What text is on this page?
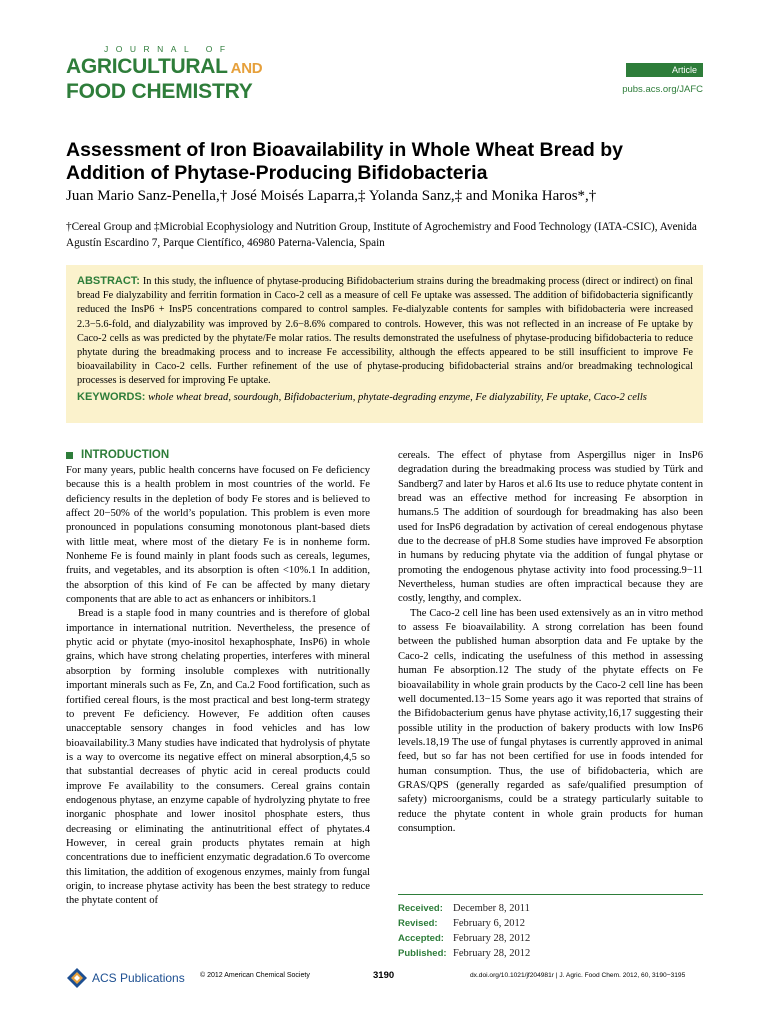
JOURNAL OF
AGRICULTURAL AND
FOOD CHEMISTRY
Article
pubs.acs.org/JAFC
Assessment of Iron Bioavailability in Whole Wheat Bread by Addition of Phytase-Producing Bifidobacteria
Juan Mario Sanz-Penella,† José Moisés Laparra,‡ Yolanda Sanz,‡ and Monika Haros*,†
†Cereal Group and ‡Microbial Ecophysiology and Nutrition Group, Institute of Agrochemistry and Food Technology (IATA-CSIC), Avenida Agustín Escardino 7, Parque Científico, 46980 Paterna-Valencia, Spain
ABSTRACT: In this study, the influence of phytase-producing Bifidobacterium strains during the breadmaking process (direct or indirect) on final bread Fe dialyzability and ferritin formation in Caco-2 cell as a measure of cell Fe uptake was assessed. The addition of bifidobacteria significantly reduced the InsP6 + InsP5 concentrations compared to control samples. Fe-dialyzable contents for samples with bifidobacteria were increased 2.3−5.6-fold, and dialyzability was improved by 2.6−8.6% compared to controls. However, this was not reflected in an increase of Fe uptake by Caco-2 cells as was predicted by the phytate/Fe molar ratios. The results demonstrated the usefulness of phytase-producing bifidobacteria to reduce phytate during the breadmaking process and to increase Fe accessibility, although the effects appeared to be still insufficient to improve Fe bioavailability in Caco-2 cells. Further refinement of the use of phytase-producing bifidobacterial strains and/or breadmaking technological processes is deserved for improving Fe uptake.
KEYWORDS: whole wheat bread, sourdough, Bifidobacterium, phytate-degrading enzyme, Fe dialyzability, Fe uptake, Caco-2 cells
INTRODUCTION

For many years, public health concerns have focused on Fe deficiency because this is a health problem in most countries of the world. Fe deficiency results in the depletion of body Fe stores and is believed to affect 20−50% of the world’s population. This problem is even more pronounced in populations consuming monotonous plant-based diets with little meat, where most of the dietary Fe is in nonheme form. Nonheme Fe is found mainly in plant foods such as cereals, legumes, fruits, and vegetables, and its absorption is often <10%.1 In addition, the absorption of this kind of Fe can be affected by many dietary components that are able to act as enhancers or inhibitors.1

Bread is a staple food in many countries and is therefore of global importance in international nutrition. Nevertheless, the presence of phytic acid or phytate (myo-inositol hexaphosphate, InsP6) in whole grains, which have strong chelating properties, interferes with mineral absorption by forming insoluble complexes with nutritionally important minerals such as Fe, Zn, and Ca.2 Food fortification, such as fortified cereal flours, is the most practical and best long-term strategy to prevent Fe deficiency. However, Fe addition often causes unacceptable sensory changes in food vehicles and has low bioavailability.3 Many studies have indicated that hydrolysis of phytate is a way to overcome its negative effect on mineral absorption,4,5 so that substantial decreases of phytic acid in cereal products could improve Fe availability to the consumers. Cereal grains contain endogenous phytase, an enzyme capable of hydrolyzing phytate to free inorganic phosphate and lower inositol phosphate esters, thus decreasing or eliminating the antinutritional effect of phytates.4 However, in cereal grain products phytates remain at high concentrations due to inefficient enzymatic degradation.6 To overcome this limitation, the addition of exogenous enzymes, mainly from fungal origin, to increase phytase activity has been the best strategy to reduce the phytate content of

cereals. The effect of phytase from Aspergillus niger in InsP6 degradation during the breadmaking process was studied by Türk and Sandberg7 and later by Haros et al.6 Its use to reduce phytate content in bread was an effective method for increasing Fe absorption in humans.5 The addition of sourdough for breadmaking has also been used for InsP6 degradation by activation of cereal endogenous phytase due to the decrease of pH.8 Some studies have improved Fe absorption in humans by reducing phytate via the addition of fungal phytase or promoting the endogenous phytase activity into food processing.9−11 Nevertheless, human studies are often impractical because they are costly, lengthy, and complex.

The Caco-2 cell line has been used extensively as an in vitro method to assess Fe bioavailability. A strong correlation has been found between the published human absorption data and Fe uptake by the Caco-2 cells, indicating the usefulness of this method in assessing human Fe absorption.12 The study of the phytate effects on Fe bioavailability in whole grain products by the Caco-2 cell line has been well documented.13−15 Some years ago it was reported that strains of the Bifidobacterium genus have phytase activity,16,17 suggesting their possible utility in the production of bakery products with low InsP6 levels.18,19 The use of fungal phytases is currently approved in animal feed, but so far has not been certified for use in foods intended for human consumption. Thus, the use of bifidobacteria, which are GRAS/QPS (generally regarded as safe/qualified presumption of safety) microorganisms, could be a strategy particularly suitable to reduce the phytate content in whole grain products for human consumption.

Received: December 8, 2011
Revised:	February 6, 2012
Accepted: February 28, 2012
Published: February 28, 2012
ACS Publications © 2012 American Chemical Society	3190	dx.doi.org/10.1021/jf204981r | J. Agric. Food Chem. 2012, 60, 3190−3195
